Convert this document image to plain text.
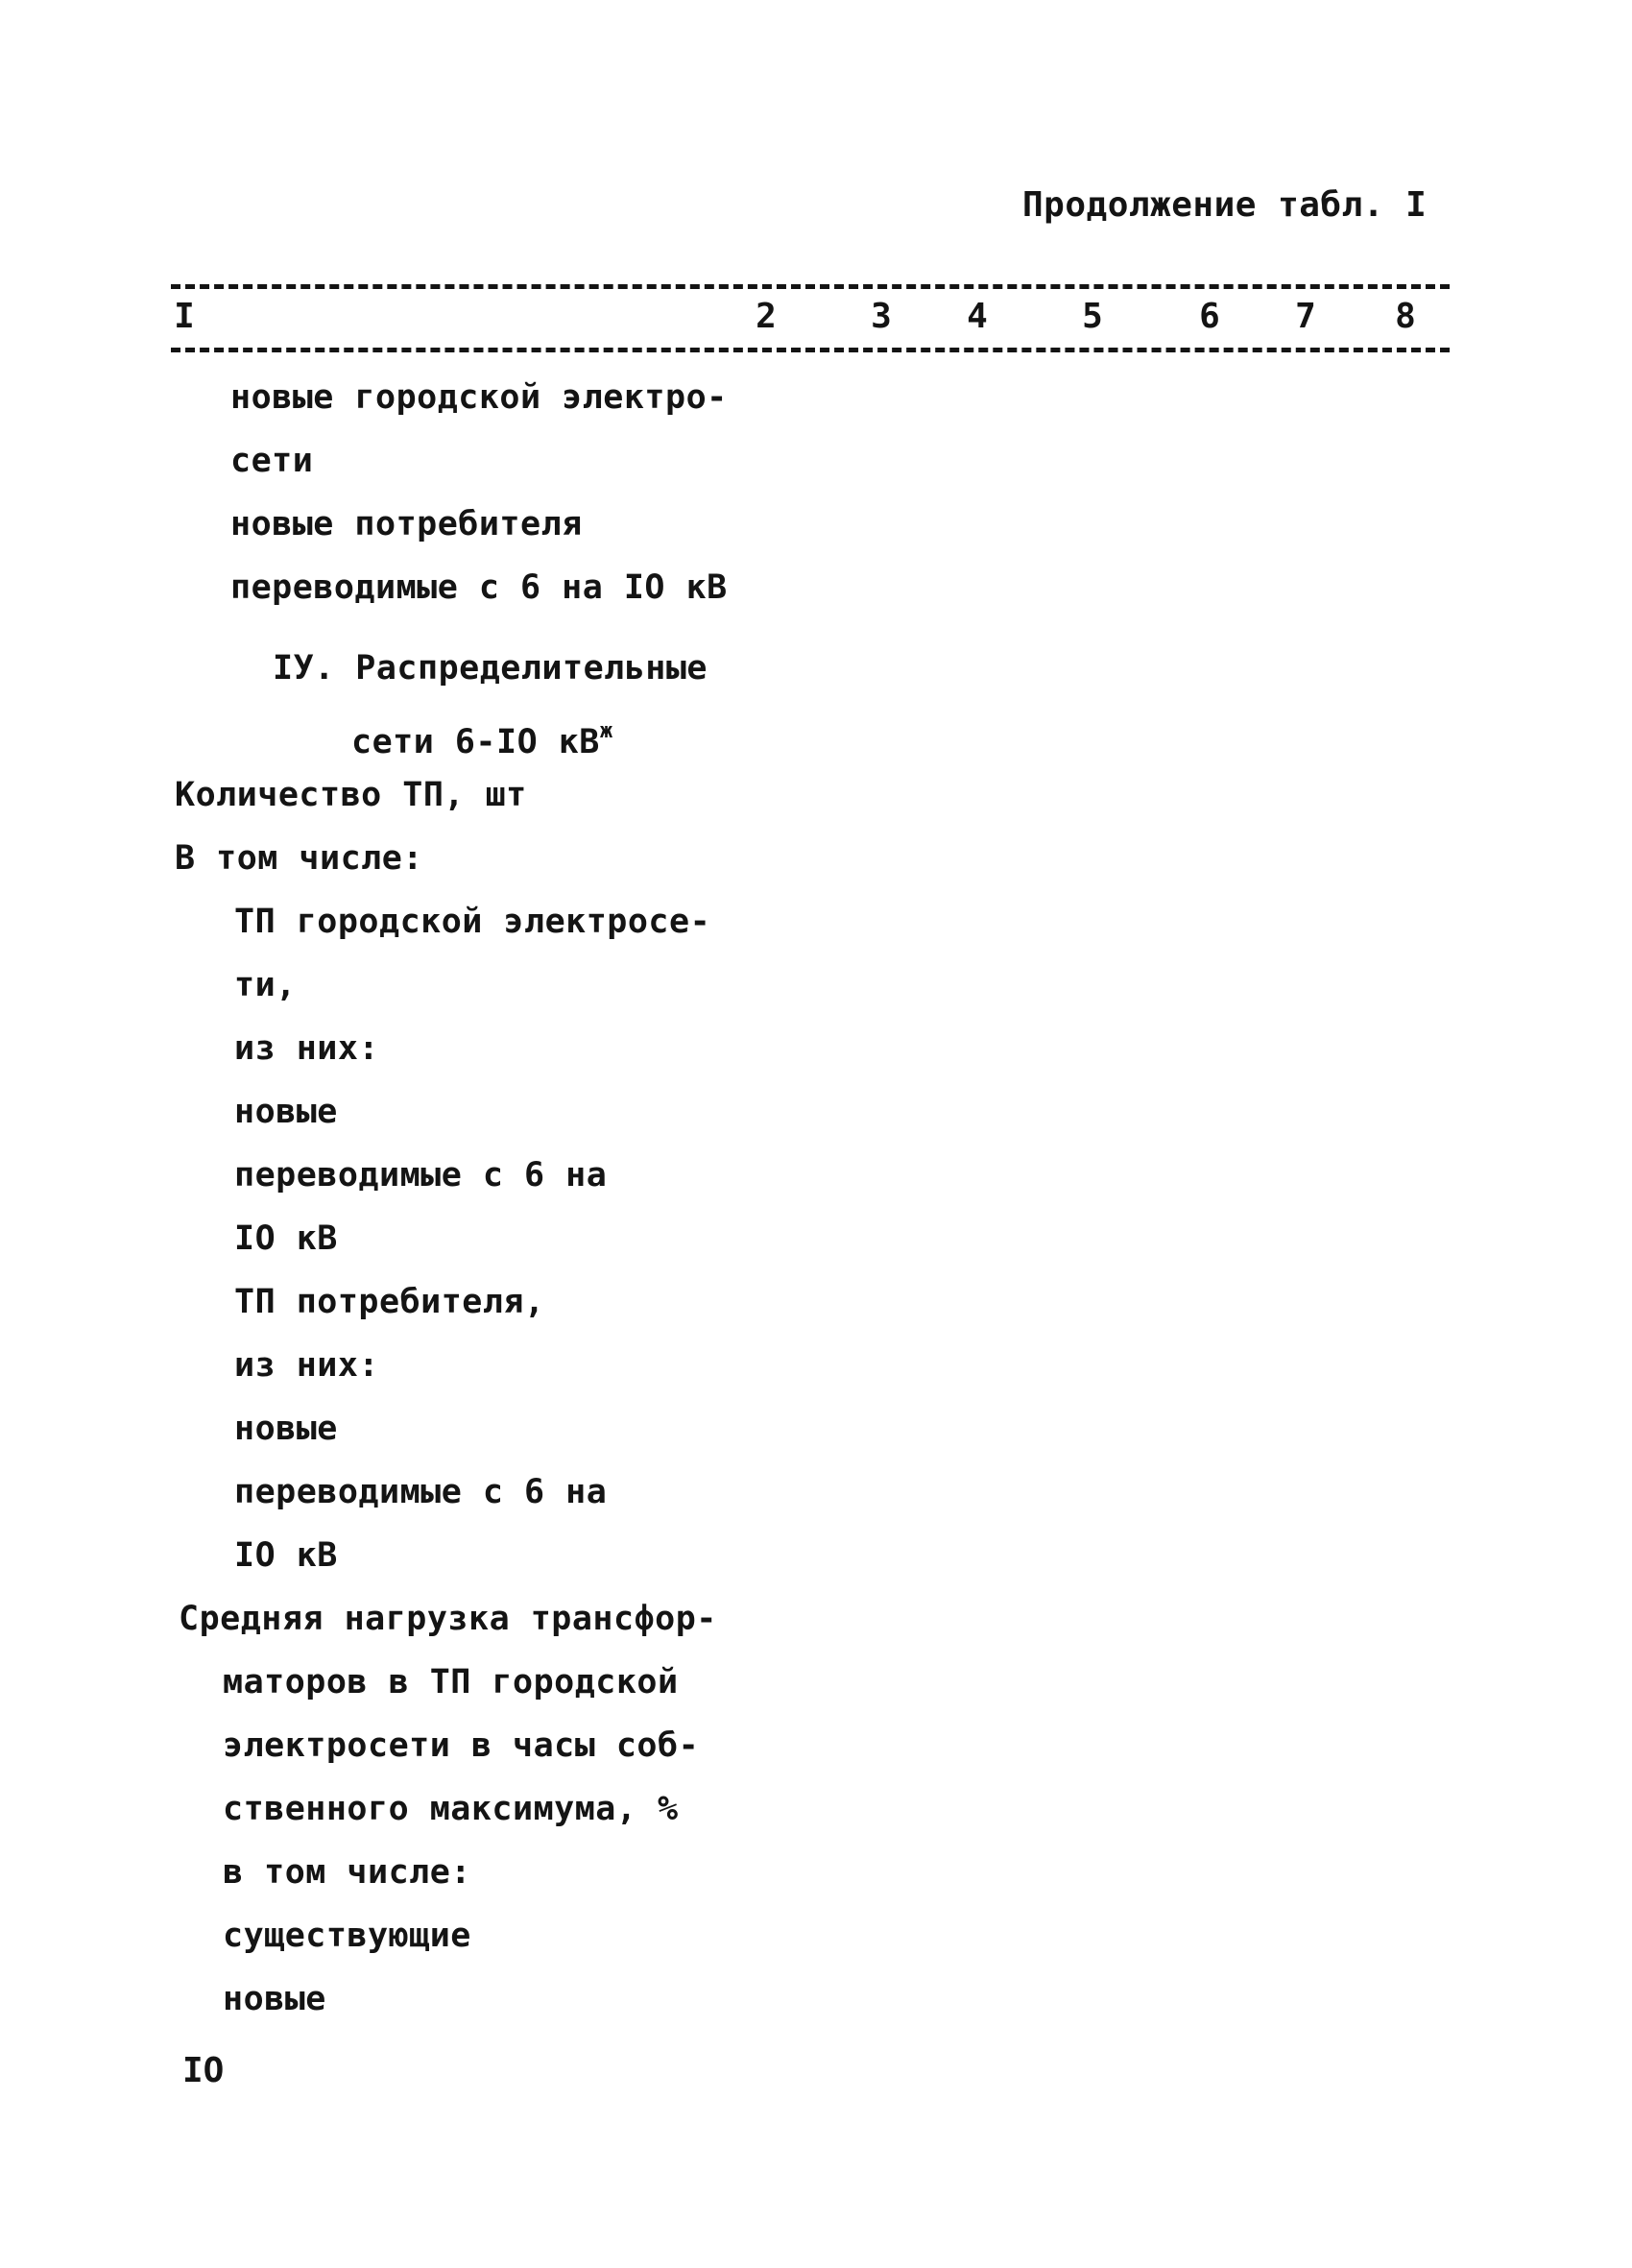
Продолжение табл. I
I	2	3 4	5	6 7 8
новые городской электро-
сети
новые потребителя
переводимые с 6 на IO кВ
IУ. Распределительные
сети 6-IO $кВ^ж$
Количество ТП, шт
В том числе:
ТП городской электросе-
ти,
из них:
новые
переводимые с 6 на
IO кВ
ТП потребителя,
из них:
новые
переводимые с 6 на
IO кВ
Средняя нагрузка трансфор-
маторов в ТП городской
электросети в часы соб-
ственного максимума, %
в том числе:
существующие
новые
IO
